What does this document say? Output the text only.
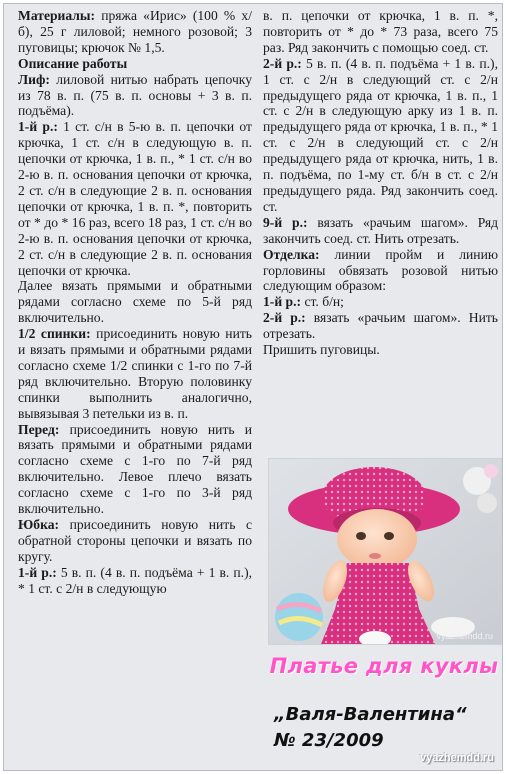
Материалы: пряжа «Ирис» (100 % х/б), 25 г лиловой; немного розовой; 3 пуговицы; крючок № 1,5.

Описание работы

Лиф: лиловой нитью набрать цепочку из 78 в. п. (75 в. п. основы + 3 в. п. подъёма).

1-й р.: 1 ст. с/н в 5-ю в. п. цепочки от крючка, 1 ст. с/н в следующую в. п. цепочки от крючка, 1 в. п., * 1 ст. с/н во 2-ю в. п. основания цепочки от крючка, 2 ст. с/н в следующие 2 в. п. основания цепочки от крючка, 1 в. п. *, повторить от * до * 16 раз, всего 18 раз, 1 ст. с/н во 2-ю в. п. основания цепочки от крючка, 2 ст. с/н в следующие 2 в. п. основания цепочки от крючка.

Далее вязать прямыми и обратными рядами согласно схеме по 5-й ряд включительно.

1/2 спинки: присоединить новую нить и вязать прямыми и обратными рядами согласно схеме 1/2 спинки с 1-го по 7-й ряд включительно. Вторую половинку спинки выполнить аналогично, вывязывая 3 петельки из в. п.

Перед: присоединить новую нить и вязать прямыми и обратными рядами согласно схеме с 1-го по 7-й ряд включительно. Левое плечо вязать согласно схеме с 1-го по 3-й ряд включительно.

Юбка: присоединить новую нить с обратной стороны цепочки и вязать по кругу.

1-й р.: 5 в. п. (4 в. п. подъёма + 1 в. п.), * 1 ст. с 2/н в следующую

в. п. цепочки от крючка, 1 в. п. *, повторить от * до * 73 раза, всего 75 раз. Ряд закончить с помощью соед. ст.

2-й р.: 5 в. п. (4 в. п. подъёма + 1 в. п.), 1 ст. с 2/н в следующий ст. с 2/н предыдущего ряда от крючка, 1 в. п., 1 ст. с 2/н в следующую арку из 1 в. п. предыдущего ряда от крючка, 1 в. п., * 1 ст. с 2/н в следующий ст. с 2/н предыдущего ряда от крючка, нить, 1 в. п. подъёма, по 1-му ст. б/н в ст. с 2/н предыдущего ряда. Ряд закончить соед. ст.

9-й р.: вязать «рачьим шагом». Ряд закончить соед. ст. Нить отрезать.

Отделка: линии пройм и линию горловины обвязать розовой нитью следующим образом:

1-й р.: ст. б/н;

2-й р.: вязать «рачьим шагом». Нить отрезать.

Пришить пуговицы.

vyazhemdd.ru
Платье для куклы
„Валя-Валентина“
№ 23/2009
vyazhemdd.ru
